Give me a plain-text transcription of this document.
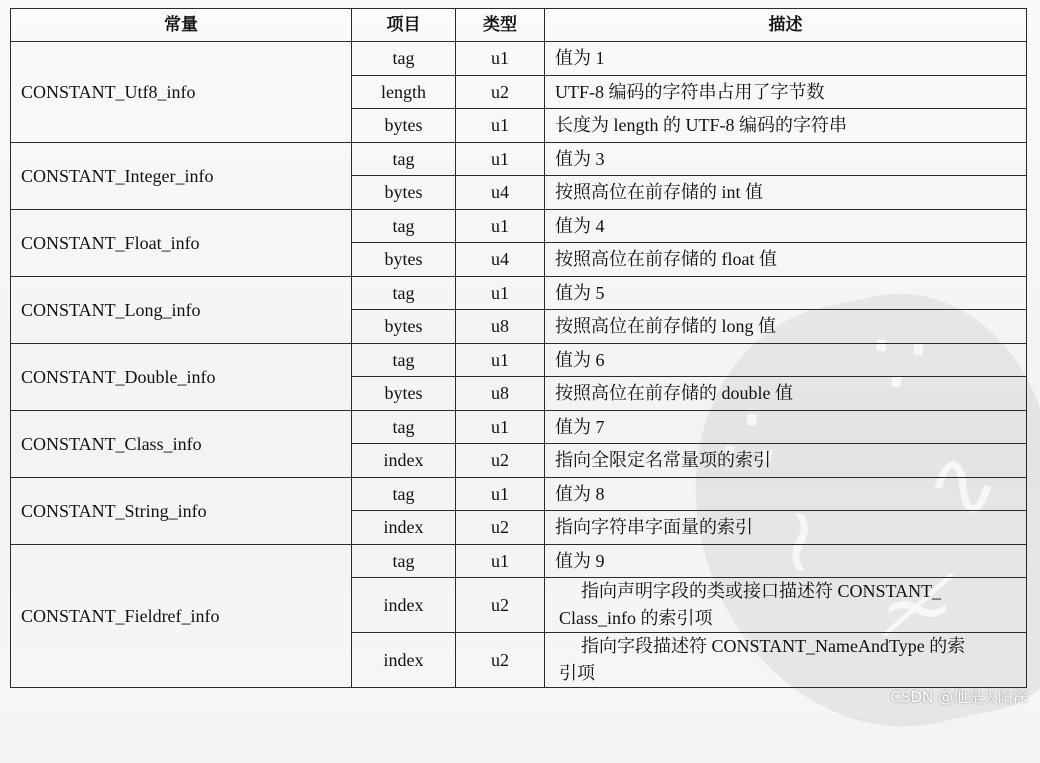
∵
∴ ∿
≀
≁
常量	项目	类型	描述
CONSTANT_Utf8_info	tag	u1	值为 1
	length	u2	UTF-8 编码的字符串占用了字节数
	bytes	u1	长度为 length 的 UTF-8 编码的字符串
CONSTANT_Integer_info	tag	u1	值为 3
	bytes	u4	按照高位在前存储的 int 值
CONSTANT_Float_info	tag	u1	值为 4
	bytes	u4	按照高位在前存储的 float 值
CONSTANT_Long_info	tag	u1	值为 5
	bytes	u8	按照高位在前存储的 long 值
CONSTANT_Double_info	tag	u1	值为 6
	bytes	u8	按照高位在前存储的 double 值
CONSTANT_Class_info	tag	u1	值为 7
	index	u2	指向全限定名常量项的索引
CONSTANT_String_info	tag	u1	值为 8
	index	u2	指向字符串字面量的索引
CONSTANT_Fieldref_info	tag	u1	值为 9
	index	u2	指向声明字段的类或接口描述符 CONSTANT_
Class_info 的索引项
	index	u2	指向字段描述符 CONSTANT_NameAndType 的索
引项
CSDN @他是太阳深
